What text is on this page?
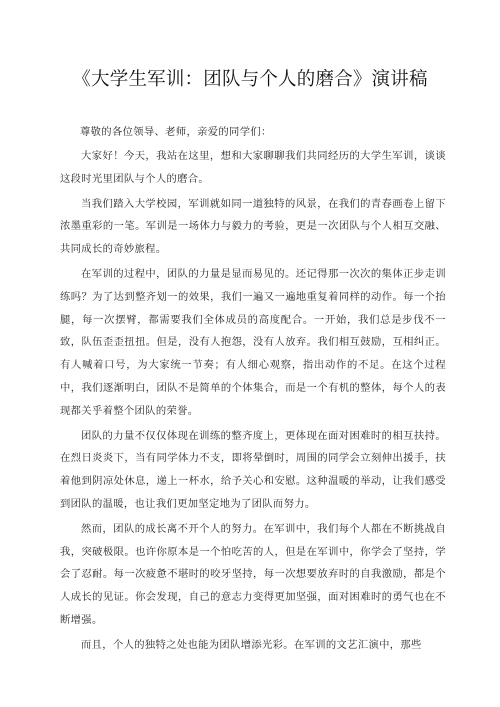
《大学生军训：团队与个人的磨合》演讲稿

尊敬的各位领导、老师，亲爱的同学们：

大家好！今天，我站在这里，想和大家聊聊我们共同经历的大学生军训，谈谈这段时光里团队与个人的磨合。

当我们踏入大学校园，军训就如同一道独特的风景，在我们的青春画卷上留下浓墨重彩的一笔。军训是一场体力与毅力的考验，更是一次团队与个人相互交融、共同成长的奇妙旅程。

在军训的过程中，团队的力量是显而易见的。还记得那一次次的集体正步走训练吗？为了达到整齐划一的效果，我们一遍又一遍地重复着同样的动作。每一个抬腿，每一次摆臂，都需要我们全体成员的高度配合。一开始，我们总是步伐不一致，队伍歪歪扭扭。但是，没有人抱怨，没有人放弃。我们相互鼓励，互相纠正。有人喊着口号，为大家统一节奏；有人细心观察，指出动作的不足。在这个过程中，我们逐渐明白，团队不是简单的个体集合，而是一个有机的整体，每个人的表现都关乎着整个团队的荣誉。

团队的力量不仅仅体现在训练的整齐度上，更体现在面对困难时的相互扶持。在烈日炎炎下，当有同学体力不支，即将晕倒时，周围的同学会立刻伸出援手，扶着他到阴凉处休息，递上一杯水，给予关心和安慰。这种温暖的举动，让我们感受到团队的温暖，也让我们更加坚定地为了团队而努力。

然而，团队的成长离不开个人的努力。在军训中，我们每个人都在不断挑战自我，突破极限。也许你原本是一个怕吃苦的人，但是在军训中，你学会了坚持，学会了忍耐。每一次疲惫不堪时的咬牙坚持，每一次想要放弃时的自我激励，都是个人成长的见证。你会发现，自己的意志力变得更加坚强，面对困难时的勇气也在不断增强。

而且，个人的独特之处也能为团队增添光彩。在军训的文艺汇演中，那些
